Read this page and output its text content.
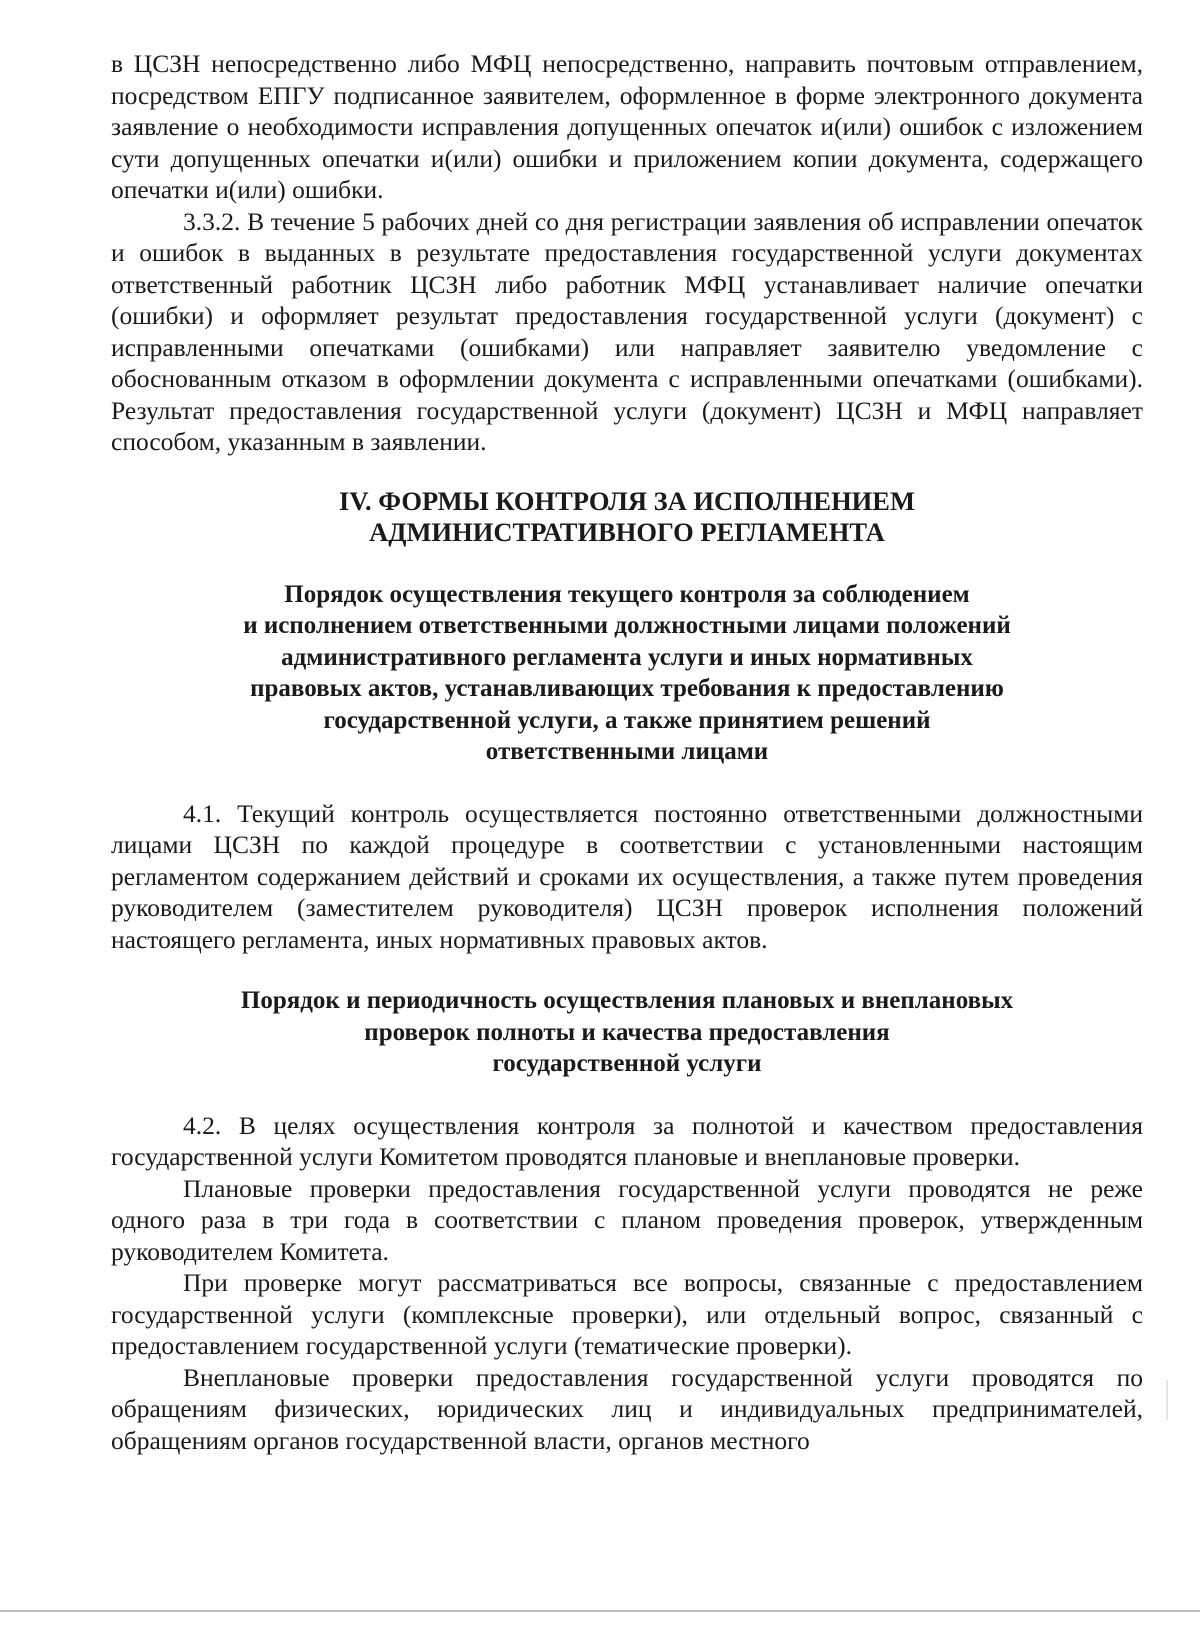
в ЦСЗН непосредственно либо МФЦ непосредственно, направить почтовым отправлением, посредством ЕПГУ подписанное заявителем, оформленное в форме электронного документа заявление о необходимости исправления допущенных опечаток и(или) ошибок с изложением сути допущенных опечатки и(или) ошибки и приложением копии документа, содержащего опечатки и(или) ошибки.

3.3.2. В течение 5 рабочих дней со дня регистрации заявления об исправлении опечаток и ошибок в выданных в результате предоставления государственной услуги документах ответственный работник ЦСЗН либо работник МФЦ устанавливает наличие опечатки (ошибки) и оформляет результат предоставления государственной услуги (документ) с исправленными опечатками (ошибками) или направляет заявителю уведомление с обоснованным отказом в оформлении документа с исправленными опечатками (ошибками). Результат предоставления государственной услуги (документ) ЦСЗН и МФЦ направляет способом, указанным в заявлении.

IV. ФОРМЫ КОНТРОЛЯ ЗА ИСПОЛНЕНИЕМ
АДМИНИСТРАТИВНОГО РЕГЛАМЕНТА
Порядок осуществления текущего контроля за соблюдением
и исполнением ответственными должностными лицами положений
административного регламента услуги и иных нормативных
правовых актов, устанавливающих требования к предоставлению
государственной услуги, а также принятием решений
ответственными лицами

4.1. Текущий контроль осуществляется постоянно ответственными должностными лицами ЦСЗН по каждой процедуре в соответствии с установленными настоящим регламентом содержанием действий и сроками их осуществления, а также путем проведения руководителем (заместителем руководителя) ЦСЗН проверок исполнения положений настоящего регламента, иных нормативных правовых актов.

Порядок и периодичность осуществления плановых и внеплановых
проверок полноты и качества предоставления
государственной услуги

4.2. В целях осуществления контроля за полнотой и качеством предоставления государственной услуги Комитетом проводятся плановые и внеплановые проверки.

Плановые проверки предоставления государственной услуги проводятся не реже одного раза в три года в соответствии с планом проведения проверок, утвержденным руководителем Комитета.

При проверке могут рассматриваться все вопросы, связанные с предоставлением государственной услуги (комплексные проверки), или отдельный вопрос, связанный с предоставлением государственной услуги (тематические проверки).

Внеплановые проверки предоставления государственной услуги проводятся по обращениям физических, юридических лиц и индивидуальных предпринимателей, обращениям органов государственной власти, органов местного
